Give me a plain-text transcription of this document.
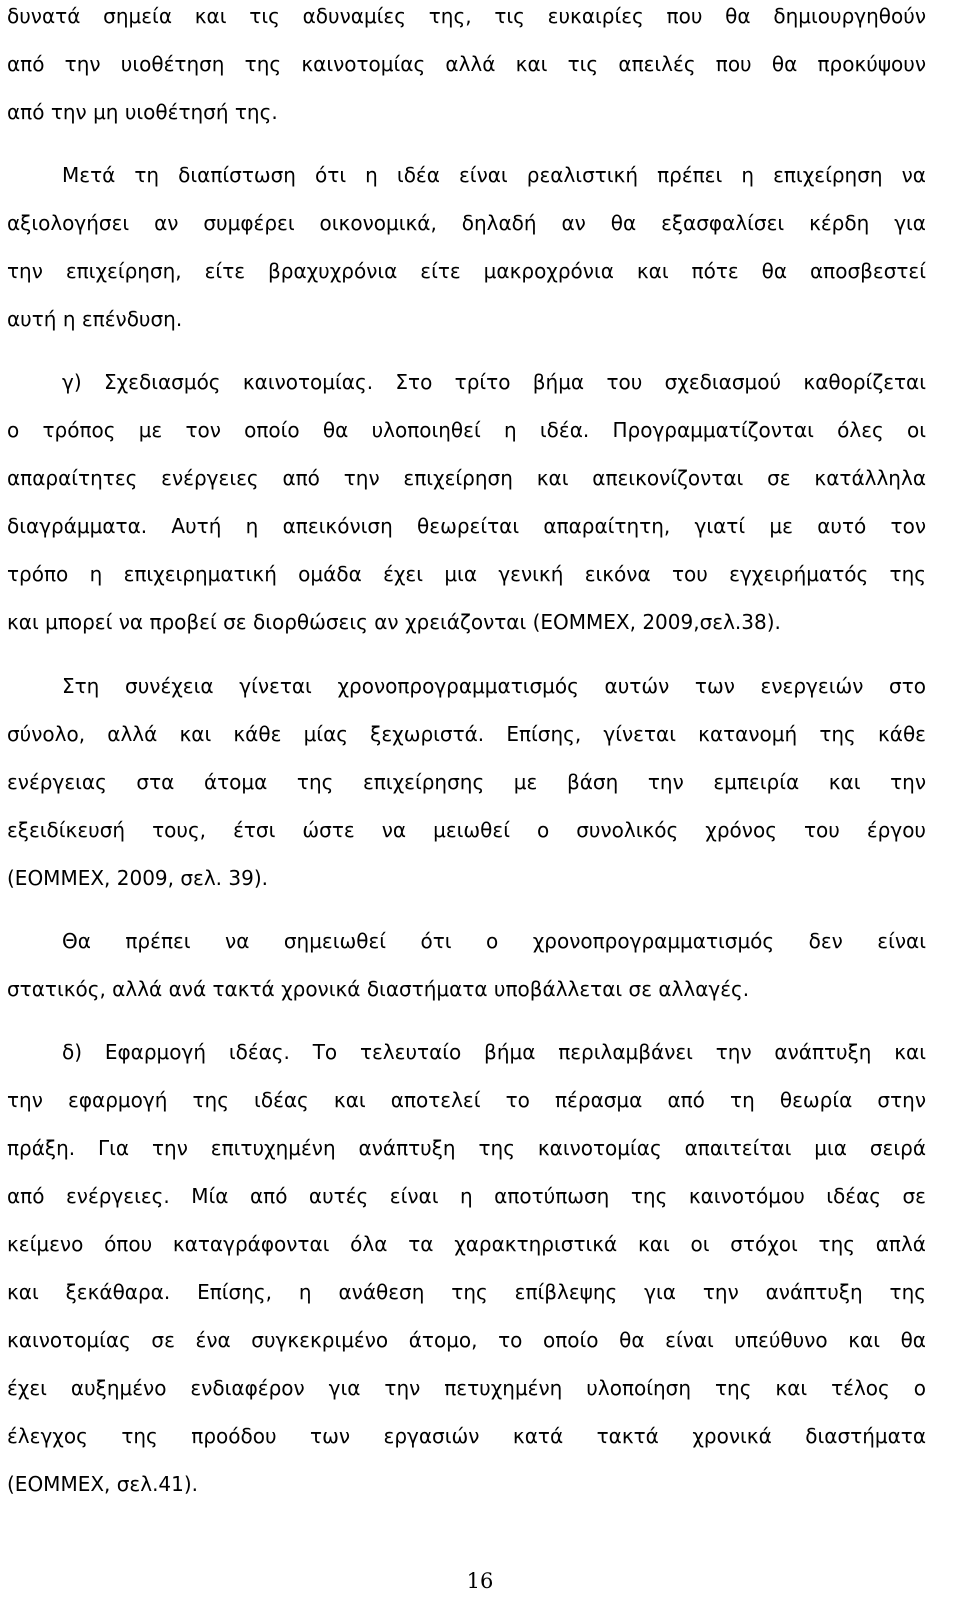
δυνατά σημεία και τις αδυναμίες της, τις ευκαιρίες που θα δημιουργηθούν
από την υιοθέτηση της καινοτομίας αλλά και τις απειλές που θα προκύψουν
από την μη υιοθέτησή της.
Μετά τη διαπίστωση ότι η ιδέα είναι ρεαλιστική πρέπει η επιχείρηση να
αξιολογήσει αν συμφέρει οικονομικά, δηλαδή αν θα εξασφαλίσει κέρδη για
την επιχείρηση, είτε βραχυχρόνια είτε μακροχρόνια και πότε θα αποσβεστεί
αυτή η επένδυση.
γ) Σχεδιασμός καινοτομίας. Στο τρίτο βήμα του σχεδιασμού καθορίζεται
ο τρόπος με τον οποίο θα υλοποιηθεί η ιδέα. Προγραμματίζονται όλες οι
απαραίτητες ενέργειες από την επιχείρηση και απεικονίζονται σε κατάλληλα
διαγράμματα. Αυτή η απεικόνιση θεωρείται απαραίτητη, γιατί με αυτό τον
τρόπο η επιχειρηματική ομάδα έχει μια γενική εικόνα του εγχειρήματός της
και μπορεί να προβεί σε διορθώσεις αν χρειάζονται (ΕΟΜΜΕΧ, 2009,σελ.38).
Στη συνέχεια γίνεται χρονοπρογραμματισμός αυτών των ενεργειών στο
σύνολο, αλλά και κάθε μίας ξεχωριστά. Επίσης, γίνεται κατανομή της κάθε
ενέργειας στα άτομα της επιχείρησης με βάση την εμπειρία και την
εξειδίκευσή τους, έτσι ώστε να μειωθεί ο συνολικός χρόνος του έργου
(ΕΟΜΜΕΧ, 2009, σελ. 39).
Θα πρέπει να σημειωθεί ότι ο χρονοπρογραμματισμός δεν είναι
στατικός, αλλά ανά τακτά χρονικά διαστήματα υποβάλλεται σε αλλαγές.
δ) Εφαρμογή ιδέας. Το τελευταίο βήμα περιλαμβάνει την ανάπτυξη και
την εφαρμογή της ιδέας και αποτελεί το πέρασμα από τη θεωρία στην
πράξη. Για την επιτυχημένη ανάπτυξη της καινοτομίας απαιτείται μια σειρά
από ενέργειες. Μία από αυτές είναι η αποτύπωση της καινοτόμου ιδέας σε
κείμενο όπου καταγράφονται όλα τα χαρακτηριστικά και οι στόχοι της απλά
και ξεκάθαρα. Επίσης, η ανάθεση της επίβλεψης για την ανάπτυξη της
καινοτομίας σε ένα συγκεκριμένο άτομο, το οποίο θα είναι υπεύθυνο και θα
έχει αυξημένο ενδιαφέρον για την πετυχημένη υλοποίηση της και τέλος ο
έλεγχος της προόδου των εργασιών κατά τακτά χρονικά διαστήματα
(ΕΟΜΜΕΧ, σελ.41).
16
